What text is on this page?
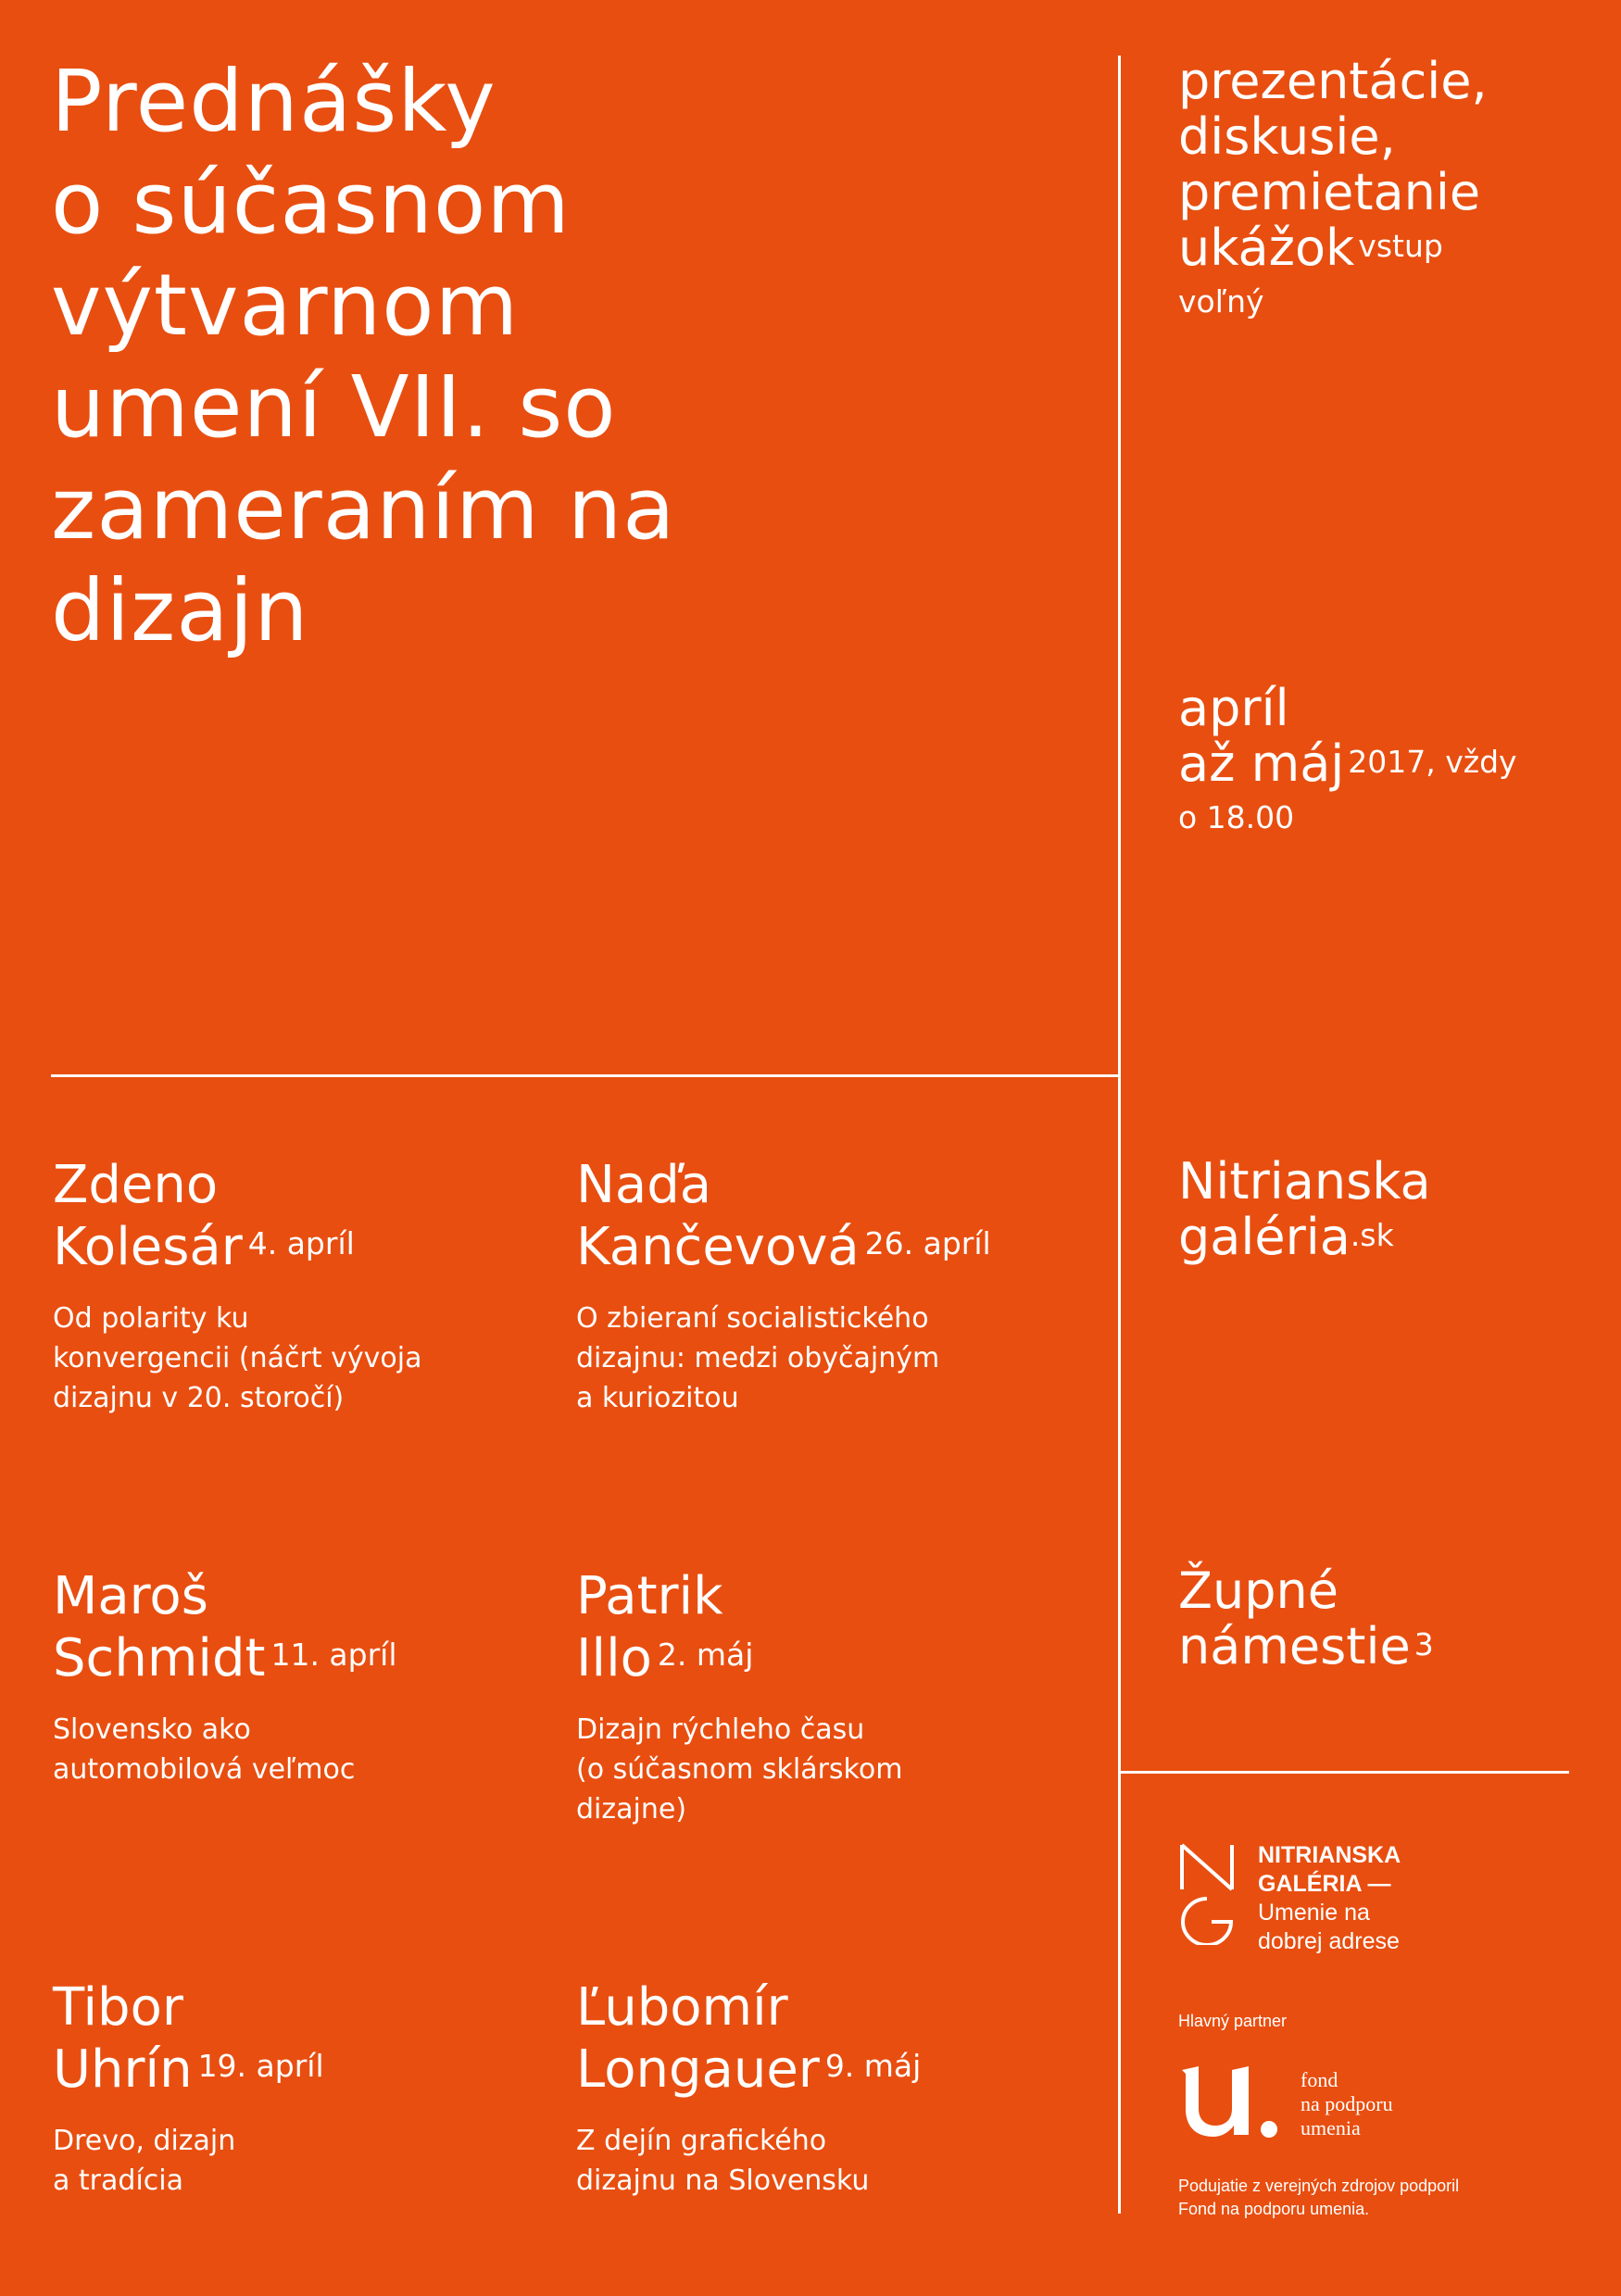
Prednášky
o súčasnom
výtvarnom
umení VII. so
zameraním na
dizajn
prezentácie,
diskusie,
premietanie
ukážok $^{vstup}$
voľný
apríl
až máj $^{2017, vždy}$
o 18.00
Nitrianska
galéria$^{.sk}$
Župné
námestie $^3$
Zdeno
Kolesár $^{4. apríl}$
Od polarity ku
konvergencii (náčrt vývoja
dizajnu v 20. storočí)
Naďa
Kančevová $^{26. apríl}$
O zbieraní socialistického
dizajnu: medzi obyčajným
a kuriozitou
Maroš
Schmidt $^{11. apríl}$
Slovensko ako
automobilová veľmoc
Patrik
Illo $^{2. máj}$
Dizajn rýchleho času
(o súčasnom sklárskom
dizajne)
Tibor
Uhrín $^{19. apríl}$
Drevo, dizajn
a tradícia
Ľubomír
Longauer $^{9. máj}$
Z dejín grafického
dizajnu na Slovensku
NITRIANSKA
GALÉRIA —
Umenie na
dobrej adrese
Hlavný partner
fond
na podporu
umenia
Podujatie z verejných zdrojov podporil
Fond na podporu umenia.
